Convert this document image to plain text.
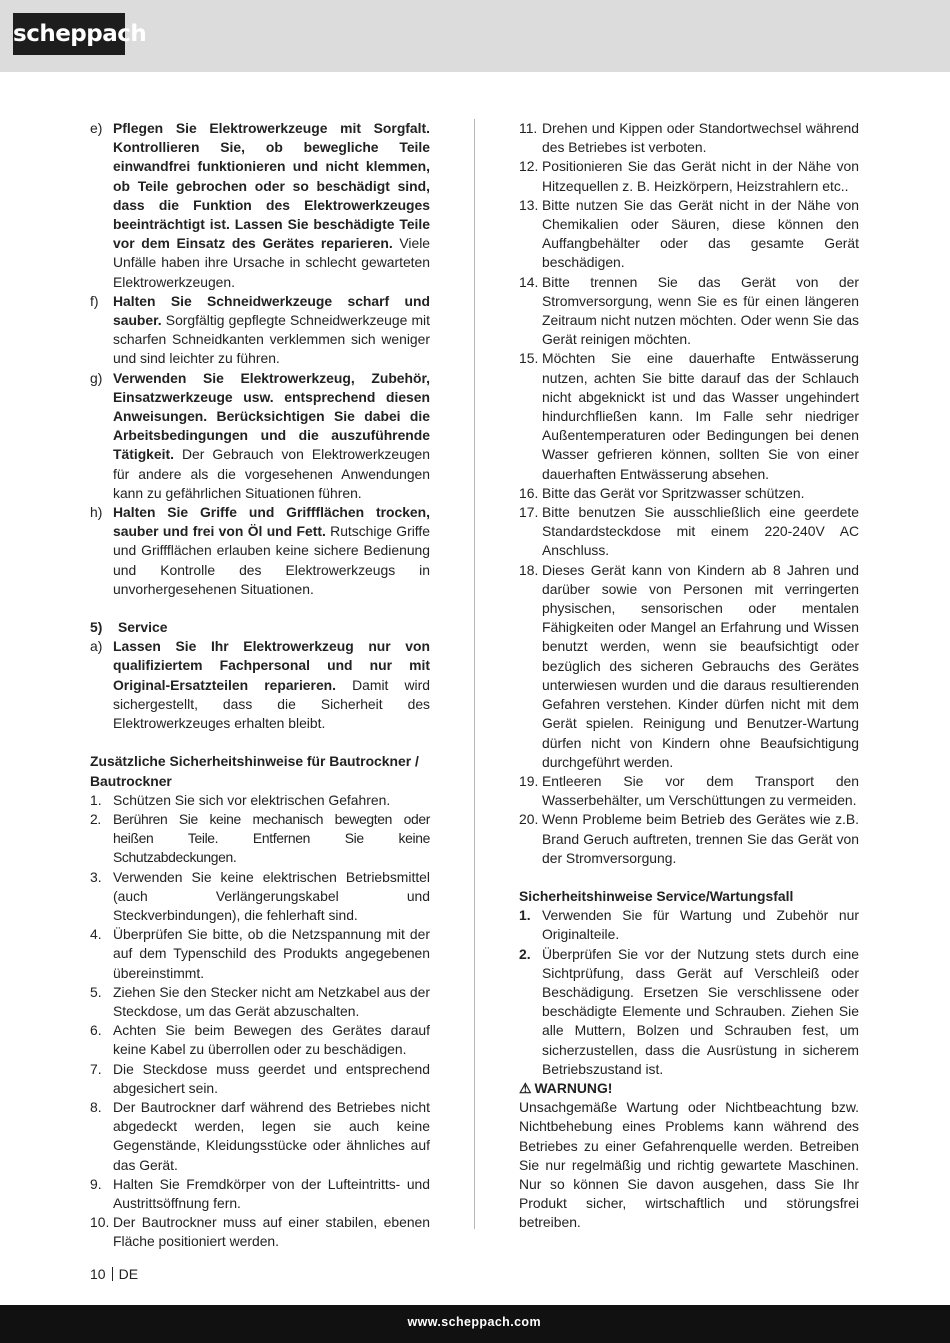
scheppach
e) Pflegen Sie Elektrowerkzeuge mit Sorgfalt. Kontrollieren Sie, ob bewegliche Teile einwandfrei funktionieren und nicht klemmen, ob Teile gebrochen oder so beschädigt sind, dass die Funktion des Elektrowerkzeuges beeinträchtigt ist. Lassen Sie beschädigte Teile vor dem Einsatz des Gerätes reparieren. Viele Unfälle haben ihre Ursache in schlecht gewarteten Elektrowerkzeugen.
f) Halten Sie Schneidwerkzeuge scharf und sauber. Sorgfältig gepflegte Schneidwerkzeuge mit scharfen Schneidkanten verklemmen sich weniger und sind leichter zu führen.
g) Verwenden Sie Elektrowerkzeug, Zubehör, Einsatzwerkzeuge usw. entsprechend diesen Anweisungen. Berücksichtigen Sie dabei die Arbeitsbedingungen und die auszuführende Tätigkeit. Der Gebrauch von Elektrowerkzeugen für andere als die vorgesehenen Anwendungen kann zu gefährlichen Situationen führen.
h) Halten Sie Griffe und Griffflächen trocken, sauber und frei von Öl und Fett. Rutschige Griffe und Griffflächen erlauben keine sichere Bedienung und Kontrolle des Elektrowerkzeugs in unvorhergesehenen Situationen.
5) Service
a) Lassen Sie Ihr Elektrowerkzeug nur von qualifiziertem Fachpersonal und nur mit Original-Ersatzteilen reparieren. Damit wird sichergestellt, dass die Sicherheit des Elektrowerkzeuges erhalten bleibt.
Zusätzliche Sicherheitshinweise für Bautrockner / Bautrockner
1. Schützen Sie sich vor elektrischen Gefahren.
2. Berühren Sie keine mechanisch bewegten oder heißen Teile. Entfernen Sie keine Schutzabdeckungen.
3. Verwenden Sie keine elektrischen Betriebsmittel (auch Verlängerungskabel und Steckverbindungen), die fehlerhaft sind.
4. Überprüfen Sie bitte, ob die Netzspannung mit der auf dem Typenschild des Produkts angegebenen übereinstimmt.
5. Ziehen Sie den Stecker nicht am Netzkabel aus der Steckdose, um das Gerät abzuschalten.
6. Achten Sie beim Bewegen des Gerätes darauf keine Kabel zu überrollen oder zu beschädigen.
7. Die Steckdose muss geerdet und entsprechend abgesichert sein.
8. Der Bautrockner darf während des Betriebes nicht abgedeckt werden, legen sie auch keine Gegenstände, Kleidungsstücke oder ähnliches auf das Gerät.
9. Halten Sie Fremdkörper von der Lufteintritts- und Austrittsöffnung fern.
10. Der Bautrockner muss auf einer stabilen, ebenen Fläche positioniert werden.
11. Drehen und Kippen oder Standortwechsel während des Betriebes ist verboten.
12. Positionieren Sie das Gerät nicht in der Nähe von Hitzequellen z. B. Heizkörpern, Heizstrahlern etc..
13. Bitte nutzen Sie das Gerät nicht in der Nähe von Chemikalien oder Säuren, diese können den Auffangbehälter oder das gesamte Gerät beschädigen.
14. Bitte trennen Sie das Gerät von der Stromversorgung, wenn Sie es für einen längeren Zeitraum nicht nutzen möchten. Oder wenn Sie das Gerät reinigen möchten.
15. Möchten Sie eine dauerhafte Entwässerung nutzen, achten Sie bitte darauf das der Schlauch nicht abgeknickt ist und das Wasser ungehindert hindurchfließen kann. Im Falle sehr niedriger Außentemperaturen oder Bedingungen bei denen Wasser gefrieren können, sollten Sie von einer dauerhaften Entwässerung absehen.
16. Bitte das Gerät vor Spritzwasser schützen.
17. Bitte benutzen Sie ausschließlich eine geerdete Standardsteckdose mit einem 220-240V AC Anschluss.
18. Dieses Gerät kann von Kindern ab 8 Jahren und darüber sowie von Personen mit verringerten physischen, sensorischen oder mentalen Fähigkeiten oder Mangel an Erfahrung und Wissen benutzt werden, wenn sie beaufsichtigt oder bezüglich des sicheren Gebrauchs des Gerätes unterwiesen wurden und die daraus resultierenden Gefahren verstehen. Kinder dürfen nicht mit dem Gerät spielen. Reinigung und Benutzer-Wartung dürfen nicht von Kindern ohne Beaufsichtigung durchgeführt werden.
19. Entleeren Sie vor dem Transport den Wasserbehälter, um Verschüttungen zu vermeiden.
20. Wenn Probleme beim Betrieb des Gerätes wie z.B. Brand Geruch auftreten, trennen Sie das Gerät von der Stromversorgung.
Sicherheitshinweise Service/Wartungsfall
1. Verwenden Sie für Wartung und Zubehör nur Originalteile.
2. Überprüfen Sie vor der Nutzung stets durch eine Sichtprüfung, dass Gerät auf Verschleiß oder Beschädigung. Ersetzen Sie verschlissene oder beschädigte Elemente und Schrauben. Ziehen Sie alle Muttern, Bolzen und Schrauben fest, um sicherzustellen, dass die Ausrüstung in sicherem Betriebszustand ist.
⚠ WARNUNG!
Unsachgemäße Wartung oder Nichtbeachtung bzw. Nichtbehebung eines Problems kann während des Betriebes zu einer Gefahrenquelle werden. Betreiben Sie nur regelmäßig und richtig gewartete Maschinen. Nur so können Sie davon ausgehen, dass Sie Ihr Produkt sicher, wirtschaftlich und störungsfrei betreiben.
10 DE
www.scheppach.com
